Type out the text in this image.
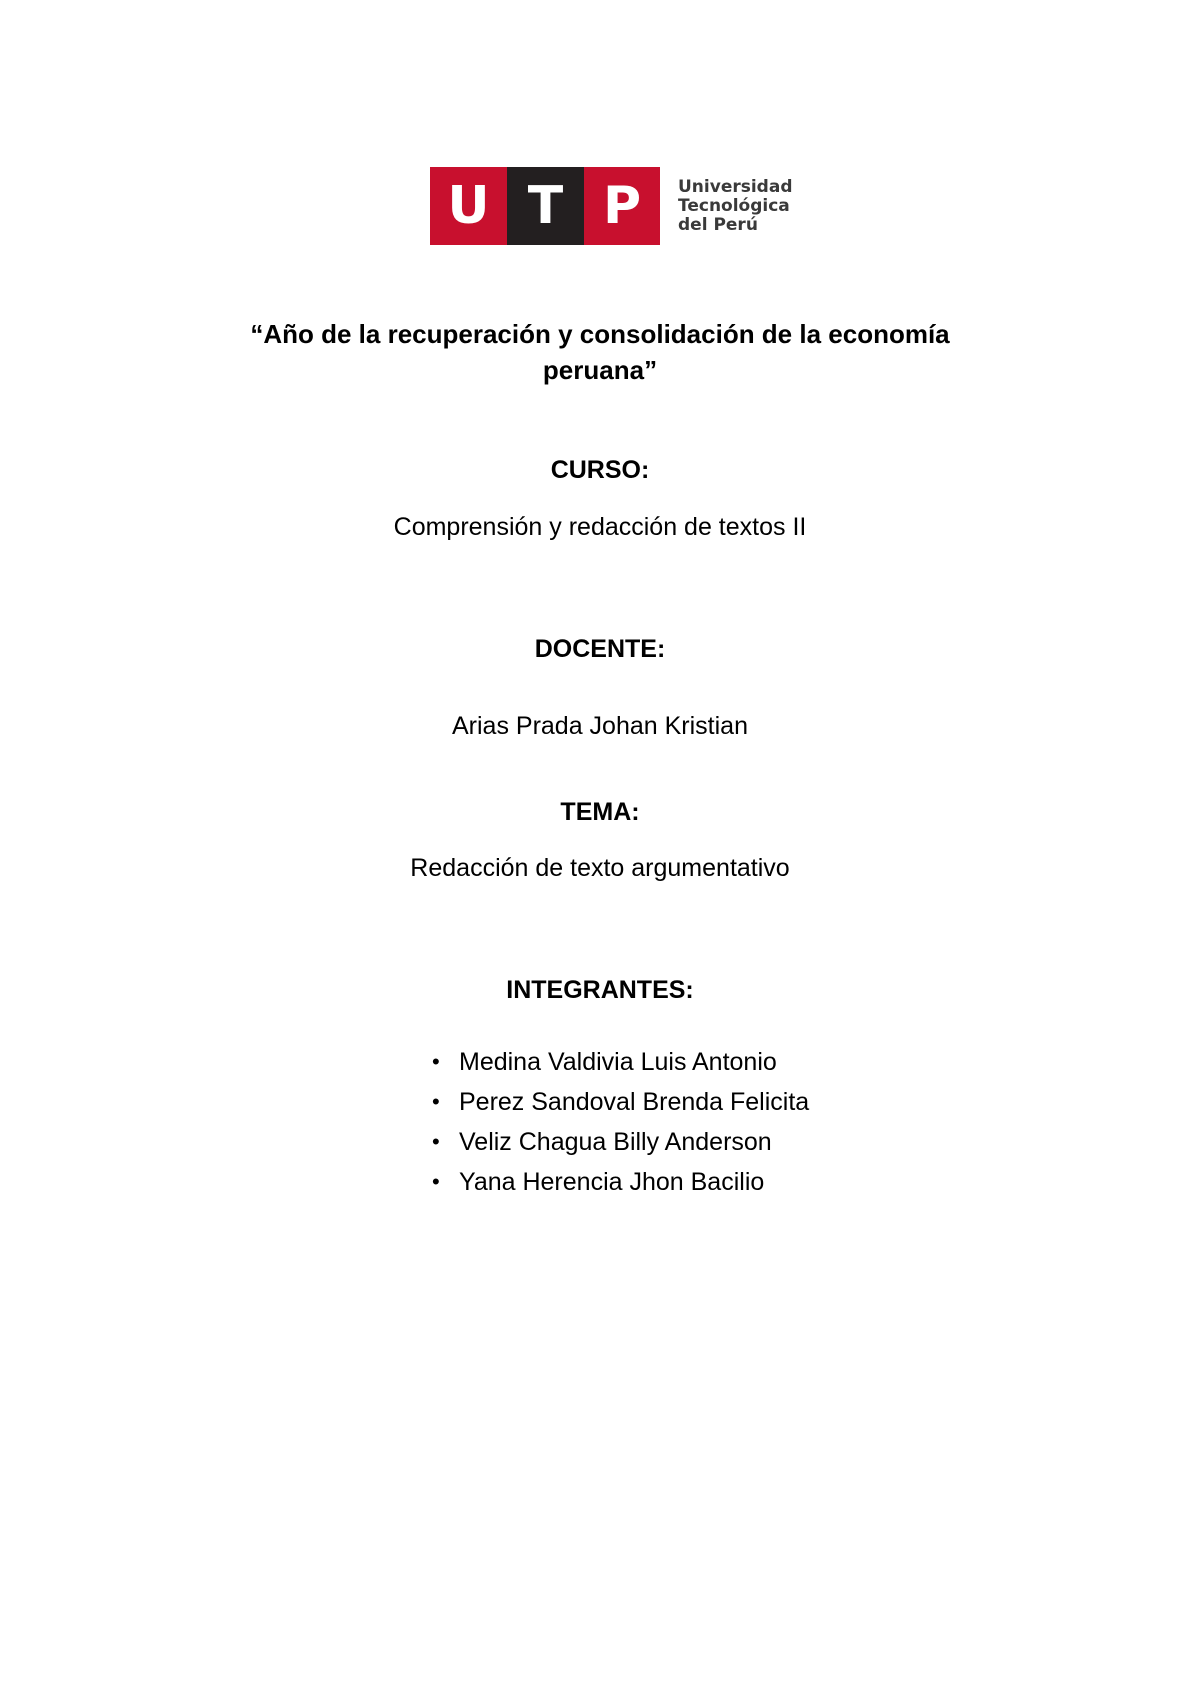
U T P	Universidad
Tecnológica
del Perú
“Año de la recuperación y consolidación de la economía peruana”
CURSO:
Comprensión y redacción de textos II
DOCENTE:
Arias Prada Johan Kristian
TEMA:
Redacción de texto argumentativo
INTEGRANTES:
• Medina Valdivia Luis Antonio
• Perez Sandoval Brenda Felicita
• Veliz Chagua Billy Anderson
• Yana Herencia Jhon Bacilio
